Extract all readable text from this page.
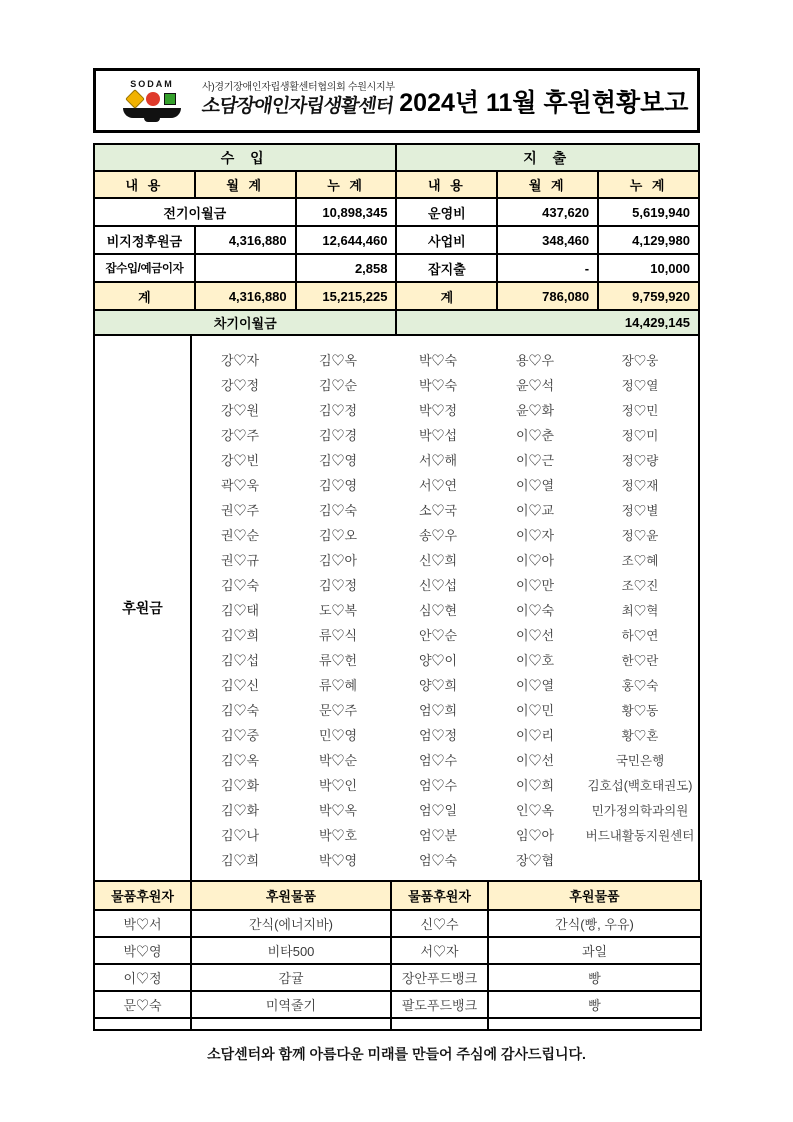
SODAM	사)경기장애인자립생활센터협의회 수원시지부
소담장애인자립생활센터 2024년 11월 후원현황보고
수 입			지 출		
내 용	월 계	누 계	내 용	월 계	누 계
전기이월금		10,898,345	운영비	437,620	5,619,940
비지정후원금	4,316,880	12,644,460	사업비	348,460	4,129,980
잡수입/예금이자		2,858	잡지출	-	10,000
계	4,316,880	15,215,225	계	786,080	9,759,920
차기이월금			14,429,145		
후원금
강♡자	김♡옥	박♡숙	용♡우	장♡웅
강♡정	김♡순	박♡숙	윤♡석	정♡열
강♡원	김♡정	박♡정	윤♡화	정♡민
강♡주	김♡경	박♡섭	이♡춘	정♡미
강♡빈	김♡영	서♡해	이♡근	정♡량
곽♡욱	김♡영	서♡연	이♡열	정♡재
권♡주	김♡숙	소♡국	이♡교	정♡별
권♡순	김♡오	송♡우	이♡자	정♡윤
권♡규	김♡아	신♡희	이♡아	조♡혜
김♡숙	김♡정	신♡섭	이♡만	조♡진
김♡태	도♡복	심♡현	이♡숙	최♡혁
김♡희	류♡식	안♡순	이♡선	하♡연
김♡섭	류♡헌	양♡이	이♡호	한♡란
김♡신	류♡혜	양♡희	이♡열	홍♡숙
김♡숙	문♡주	엄♡희	이♡민	황♡동
김♡중	민♡영	엄♡정	이♡리	황♡혼
김♡옥	박♡순	엄♡수	이♡선	국민은행
김♡화	박♡인	엄♡수	이♡희	김호섭(백호태권도)
김♡화	박♡옥	엄♡일	인♡옥	민가정의학과의원
김♡나	박♡호	엄♡분	임♡아	버드내활동지원센터
김♡희	박♡영	엄♡숙	장♡협
물품후원자	후원물품	물품후원자	후원물품
박♡서	간식(에너지바)	신♡수	간식(빵, 우유)
박♡영	비타500	서♡자	과일
이♡정	감귤	장안푸드뱅크	빵
문♡숙	미역줄기	팔도푸드뱅크	빵

소담센터와 함께 아름다운 미래를 만들어 주심에 감사드립니다.
